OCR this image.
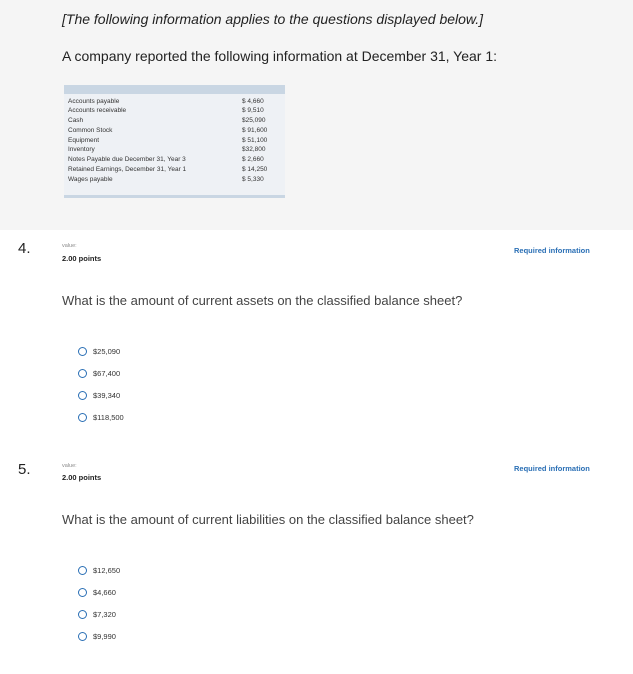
[The following information applies to the questions displayed below.]
A company reported the following information at December 31, Year 1:
Accounts payable	$ 4,660
Accounts receivable	$ 9,510
Cash	$25,090
Common Stock	$ 91,600
Equipment	$ 51,100
Inventory	$32,800
Notes Payable due December 31, Year 3	$ 2,660
Retained Earnings, December 31, Year 1	$ 14,250
Wages payable	$ 5,330
4.	value:
2.00 points
Required information
What is the amount of current assets on the classified balance sheet?
$25,090
$67,400
$39,340
$118,500
5.	value:
2.00 points
Required information
What is the amount of current liabilities on the classified balance sheet?
$12,650
$4,660
$7,320
$9,990
